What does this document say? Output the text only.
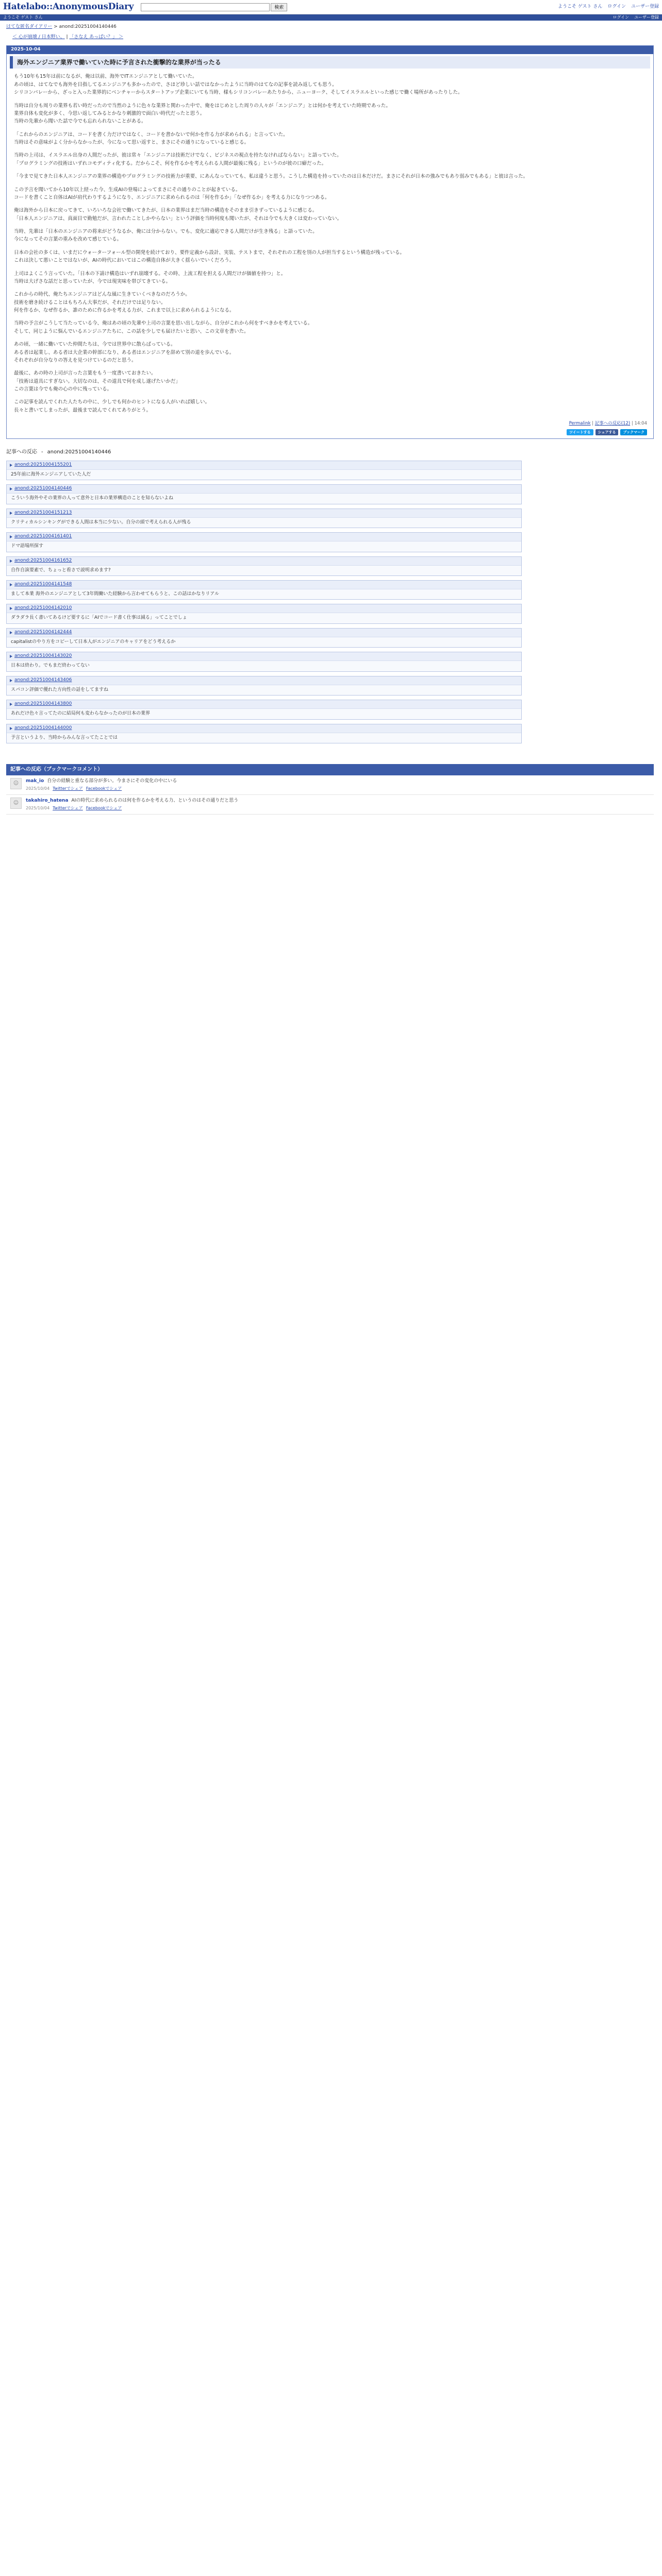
Hatelabo::AnonymousDiary	検索	ようこそ ゲスト さん ログイン ユーザー登録
ようこそ ゲスト さん	ログイン ユーザー登録
はてな匿名ダイアリー > anond:20251004140446
＜ 心が崩壊 / 日本野い、 | 「さなえ あっぱい？」 ＞
2025-10-04
海外エンジニア業界で働いていた時に予言された衝撃的な業界が当ったる

もう10年も15年は前になるが、俺は以前、海外でITエンジニアとして働いていた。
あの頃は、はてなでも海外を目指してるエンジニアも多かったので、さほど珍しい話ではなかったように当時のはてなの記事を読み返しても思う。
シリコンバレーから、ざっと入った業界的にベンチャーからスタートアップ企業にいても当時、様もシリコンバレーあたりから、ニューヨーク、そしてイスラエルといった感じで働く場所があったりした。

当時は自分も周りの業界も若い時だったので当然のように色々な業界と関わった中で、俺をはじめとした周りの人々が「エンジニア」とは何かを考えていた時期であった。
業界自体も変化が多く、今思い返してみるとかなり刺激的で面白い時代だったと思う。
当時の先輩から聞いた話で今でも忘れられないことがある。

「これからのエンジニアは、コードを書く力だけではなく、コードを書かないで何かを作る力が求められる」と言っていた。
当時はその意味がよく分からなかったが、今になって思い返すと、まさにその通りになっていると感じる。

当時の上司は、イスラエル出身の人間だったが、彼は常々「エンジニアは技術だけでなく、ビジネスの視点を持たなければならない」と語っていた。
「プログラミングの技術はいずれコモディティ化する。だからこそ、何を作るかを考えられる人間が最後に残る」というのが彼の口癖だった。

「今まで見てきた日本人エンジニアの業界の構造やプログラミングの技術力が重要、にあんなっていても、私は違うと思う。こうした構造を持っていたのは日本だけだ。まさにそれが日本の強みでもあり弱みでもある」と彼は言った。

この予言を聞いてから10年以上経った今、生成AIの登場によってまさにその通りのことが起きている。
コードを書くこと自体はAIが肩代わりするようになり、エンジニアに求められるのは「何を作るか」「なぜ作るか」を考える力になりつつある。

俺は海外から日本に戻ってきて、いろいろな会社で働いてきたが、日本の業界はまだ当時の構造をそのまま引きずっているように感じる。
「日本人エンジニアは、真面目で勤勉だが、言われたことしかやらない」という評価を当時何度も聞いたが、それは今でも大きくは変わっていない。

当時、先輩は「日本のエンジニアの将来がどうなるか、俺には分からない。でも、変化に適応できる人間だけが生き残る」と語っていた。
今になってその言葉の重みを改めて感じている。

日本の会社の多くは、いまだにウォーターフォール型の開発を続けており、要件定義から設計、実装、テストまで、それぞれの工程を別の人が担当するという構造が残っている。
これは決して悪いことではないが、AIの時代においてはこの構造自体が大きく揺らいでいくだろう。

上司はよくこう言っていた。「日本の下請け構造はいずれ崩壊する。その時、上流工程を担える人間だけが価値を持つ」と。
当時は大げさな話だと思っていたが、今では現実味を帯びてきている。

これからの時代、俺たちエンジニアはどんな風に生きていくべきなのだろうか。
技術を磨き続けることはもちろん大事だが、それだけでは足りない。
何を作るか、なぜ作るか、誰のために作るかを考える力が、これまで以上に求められるようになる。

当時の予言がこうして当たっている今、俺はあの頃の先輩や上司の言葉を思い出しながら、自分がこれから何をすべきかを考えている。
そして、同じように悩んでいるエンジニアたちに、この話を少しでも届けたいと思い、この文章を書いた。

あの頃、一緒に働いていた仲間たちは、今では世界中に散らばっている。
ある者は起業し、ある者は大企業の幹部になり、ある者はエンジニアを辞めて別の道を歩んでいる。
それぞれが自分なりの答えを見つけているのだと思う。

最後に、あの時の上司が言った言葉をもう一度書いておきたい。
「技術は道具にすぎない。大切なのは、その道具で何を成し遂げたいかだ」
この言葉は今でも俺の心の中に残っている。

この記事を読んでくれた人たちの中に、少しでも何かのヒントになる人がいれば嬉しい。
長々と書いてしまったが、最後まで読んでくれてありがとう。

Permalink | 記事への反応(12) | 14:04
ツイートする	シェアする	ブックマーク
記事への反応 - anond:20251004140446
anond:20251004155201
25年前に海外エンジニアしていた人だ
anond:20251004140446
こういう海外やその業界の人って意外と日本の業界構造のことを知らないよね
anond:20251004151213
クリティカルシンキングができる人間は本当に少ない。自分の頭で考えられる人が残る
anond:20251004161401
ドマ語場所探す
anond:20251004161652
自作自演要素で、ちょっと看さで説明求めます?
anond:20251004141548
まして本業 海外のエンジニアとして3年間働いた経験から言わせてもらうと、この話はかなりリアル
anond:20251004142010
ダラダラ長く書いてあるけど要するに「AIでコード書く仕事は減る」ってことでしょ
anond:20251004142444
capitalistのやり方をコピーして日本人がエンジニアのキャリアをどう考えるか
anond:20251004143020
日本は終わり。でもまだ終わってない
anond:20251004143406
スパコン評価で優れた方向性の話をしてますね
anond:20251004143800
あれだけ色々言ってたのに結局何も変わらなかったのが日本の業界
anond:20251004144000
予言というより、当時からみんな言ってたことでは
記事への反応（ブックマークコメント）
☺	mak_io 自分の経験と重なる部分が多い。今まさにその変化の中にいる
2025/10/04 Twitterでシェア Facebookでシェア
☺	takahiro_hatena AIの時代に求められるのは何を作るかを考える力、というのはその通りだと思う
2025/10/04 Twitterでシェア Facebookでシェア
